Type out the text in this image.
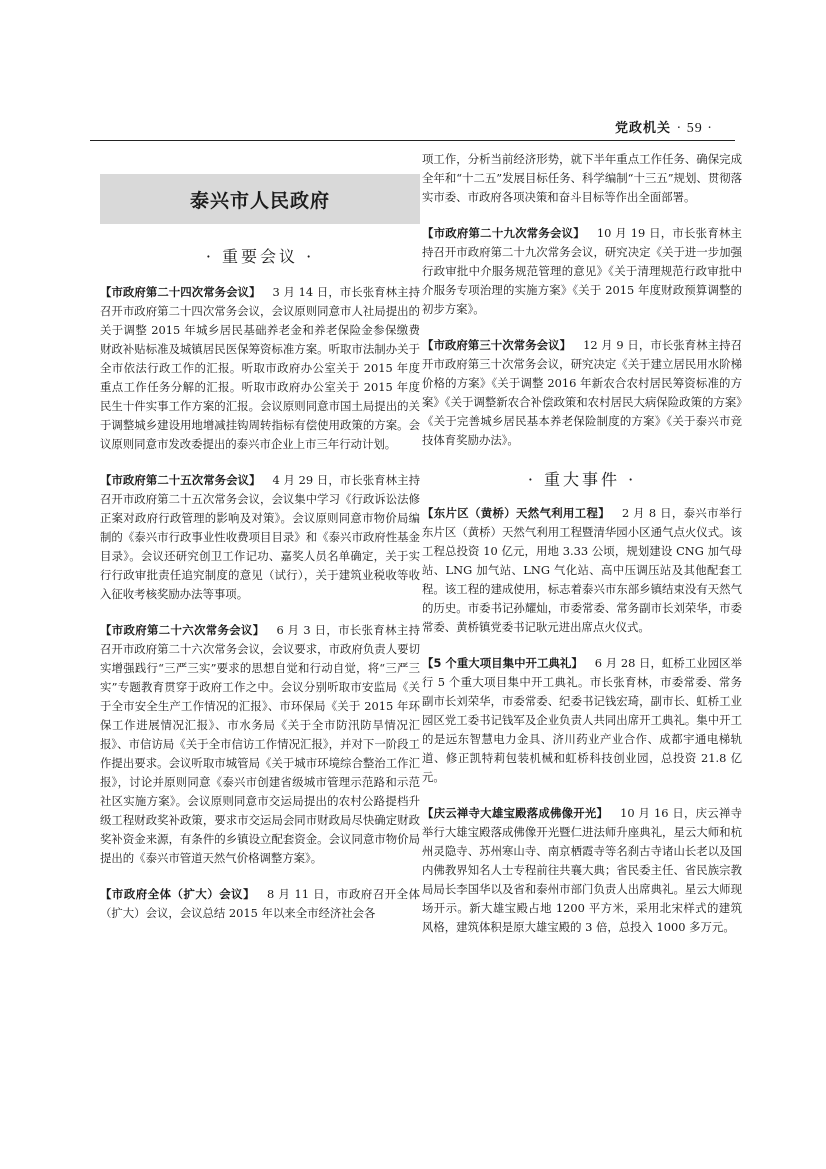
党政机关 · 59 ·
泰兴市人民政府
· 重要会议 ·

【市政府第二十四次常务会议】 3 月 14 日，市长张育林主持召开市政府第二十四次常务会议，会议原则同意市人社局提出的关于调整 2015 年城乡居民基础养老金和养老保险金参保缴费财政补贴标准及城镇居民医保筹资标准方案。听取市法制办关于全市依法行政工作的汇报。听取市政府办公室关于 2015 年度重点工作任务分解的汇报。听取市政府办公室关于 2015 年度民生十件实事工作方案的汇报。会议原则同意市国土局提出的关于调整城乡建设用地增减挂钩周转指标有偿使用政策的方案。会议原则同意市发改委提出的泰兴市企业上市三年行动计划。

【市政府第二十五次常务会议】 4 月 29 日，市长张育林主持召开市政府第二十五次常务会议，会议集中学习《行政诉讼法修正案对政府行政管理的影响及对策》。会议原则同意市物价局编制的《泰兴市行政事业性收费项目目录》和《泰兴市政府性基金目录》。会议还研究创卫工作记功、嘉奖人员名单确定，关于实行行政审批责任追究制度的意见（试行），关于建筑业税收等收入征收考核奖励办法等事项。

【市政府第二十六次常务会议】 6 月 3 日，市长张育林主持召开市政府第二十六次常务会议，会议要求，市政府负责人要切实增强践行“三严三实”要求的思想自觉和行动自觉，将“三严三实”专题教育贯穿于政府工作之中。会议分别听取市安监局《关于全市安全生产工作情况的汇报》、市环保局《关于 2015 年环保工作进展情况汇报》、市水务局《关于全市防汛防旱情况汇报》、市信访局《关于全市信访工作情况汇报》，并对下一阶段工作提出要求。会议听取市城管局《关于城市环境综合整治工作汇报》，讨论并原则同意《泰兴市创建省级城市管理示范路和示范社区实施方案》。会议原则同意市交运局提出的农村公路提档升级工程财政奖补政策，要求市交运局会同市财政局尽快确定财政奖补资金来源，有条件的乡镇设立配套资金。会议同意市物价局提出的《泰兴市管道天然气价格调整方案》。

【市政府全体（扩大）会议】 8 月 11 日，市政府召开全体（扩大）会议，会议总结 2015 年以来全市经济社会各

项工作，分析当前经济形势，就下半年重点工作任务、确保完成全年和“十二五”发展目标任务、科学编制“十三五”规划、贯彻落实市委、市政府各项决策和奋斗目标等作出全面部署。

【市政府第二十九次常务会议】 10 月 19 日，市长张育林主持召开市政府第二十九次常务会议，研究决定《关于进一步加强行政审批中介服务规范管理的意见》《关于清理规范行政审批中介服务专项治理的实施方案》《关于 2015 年度财政预算调整的初步方案》。

【市政府第三十次常务会议】 12 月 9 日，市长张育林主持召开市政府第三十次常务会议，研究决定《关于建立居民用水阶梯价格的方案》《关于调整 2016 年新农合农村居民筹资标准的方案》《关于调整新农合补偿政策和农村居民大病保险政策的方案》《关于完善城乡居民基本养老保险制度的方案》《关于泰兴市竞技体育奖励办法》。

· 重大事件 ·

【东片区（黄桥）天然气利用工程】 2 月 8 日，泰兴市举行东片区（黄桥）天然气利用工程暨清华园小区通气点火仪式。该工程总投资 10 亿元，用地 3.33 公顷，规划建设 CNG 加气母站、LNG 加气站、LNG 气化站、高中压调压站及其他配套工程。该工程的建成使用，标志着泰兴市东部乡镇结束没有天然气的历史。市委书记孙耀灿，市委常委、常务副市长刘荣华，市委常委、黄桥镇党委书记耿元进出席点火仪式。

【5 个重大项目集中开工典礼】 6 月 28 日，虹桥工业园区举行 5 个重大项目集中开工典礼。市长张育林，市委常委、常务副市长刘荣华，市委常委、纪委书记钱宏琦，副市长、虹桥工业园区党工委书记钱军及企业负责人共同出席开工典礼。集中开工的是远东智慧电力金具、济川药业产业合作、成都宇通电梯轨道、修正凯特莉包装机械和虹桥科技创业园，总投资 21.8 亿元。

【庆云禅寺大雄宝殿落成佛像开光】 10 月 16 日，庆云禅寺举行大雄宝殿落成佛像开光暨仁进法师升座典礼，星云大师和杭州灵隐寺、苏州寒山寺、南京栖霞寺等名刹古寺诸山长老以及国内佛教界知名人士专程前往共襄大典；省民委主任、省民族宗教局局长李国华以及省和泰州市部门负责人出席典礼。星云大师现场开示。新大雄宝殿占地 1200 平方米，采用北宋样式的建筑风格，建筑体积是原大雄宝殿的 3 倍，总投入 1000 多万元。
